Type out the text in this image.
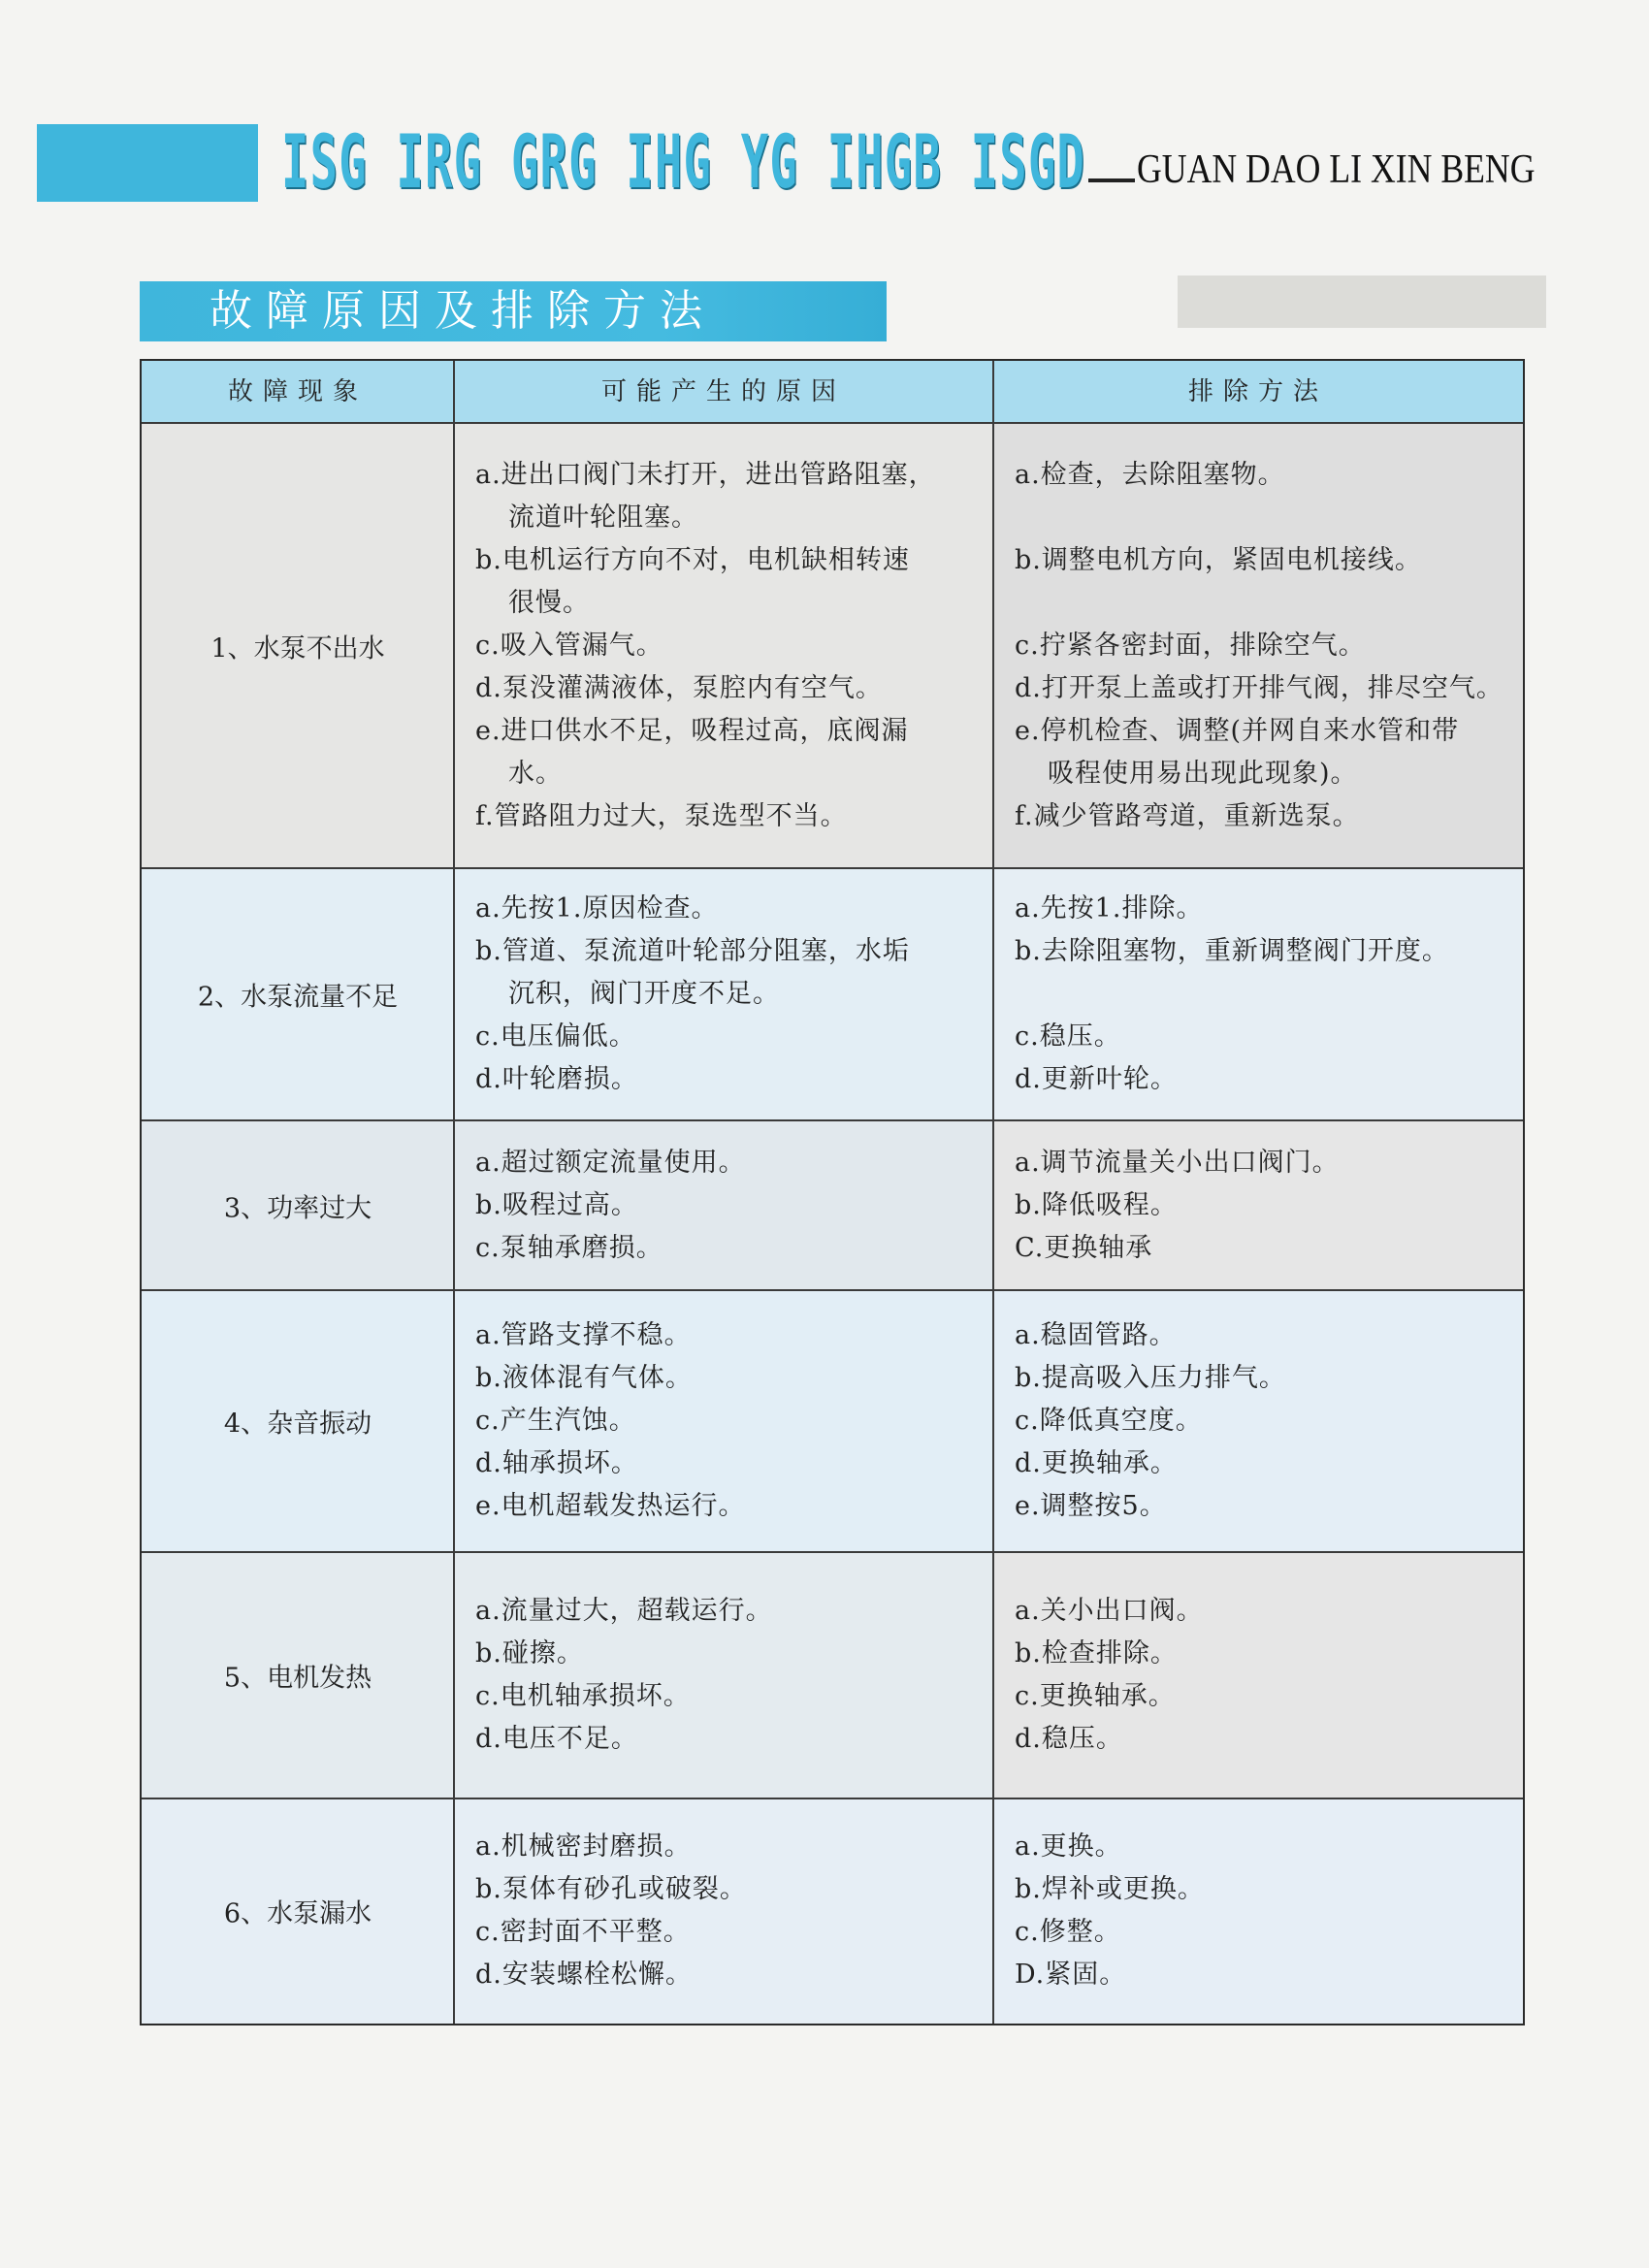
ISG IRG GRG IHG YG IHGB ISGD GUAN DAO LI XIN BENG
故障原因及排除方法
故障现象	可能产生的原因	排除方法
1、水泵不出水
a.进出口阀门未打开，进出管路阻塞，
流道叶轮阻塞。
b.电机运行方向不对，电机缺相转速
很慢。
c.吸入管漏气。
d.泵没灌满液体，泵腔内有空气。
e.进口供水不足，吸程过高，底阀漏
水。
f.管路阻力过大，泵选型不当。
a.检查，去除阻塞物。

b.调整电机方向，紧固电机接线。

c.拧紧各密封面，排除空气。
d.打开泵上盖或打开排气阀，排尽空气。
e.停机检查、调整(并网自来水管和带
吸程使用易出现此现象)。
f.减少管路弯道，重新选泵。
2、水泵流量不足
a.先按1.原因检查。
b.管道、泵流道叶轮部分阻塞，水垢
沉积，阀门开度不足。
c.电压偏低。
d.叶轮磨损。
a.先按1.排除。
b.去除阻塞物，重新调整阀门开度。

c.稳压。
d.更新叶轮。
3、功率过大
a.超过额定流量使用。
b.吸程过高。
c.泵轴承磨损。
a.调节流量关小出口阀门。
b.降低吸程。
C.更换轴承
4、杂音振动
a.管路支撑不稳。
b.液体混有气体。
c.产生汽蚀。
d.轴承损坏。
e.电机超载发热运行。
a.稳固管路。
b.提高吸入压力排气。
c.降低真空度。
d.更换轴承。
e.调整按5。
5、电机发热
a.流量过大，超载运行。
b.碰擦。
c.电机轴承损坏。
d.电压不足。
a.关小出口阀。
b.检查排除。
c.更换轴承。
d.稳压。
6、水泵漏水
a.机械密封磨损。
b.泵体有砂孔或破裂。
c.密封面不平整。
d.安装螺栓松懈。
a.更换。
b.焊补或更换。
c.修整。
D.紧固。
